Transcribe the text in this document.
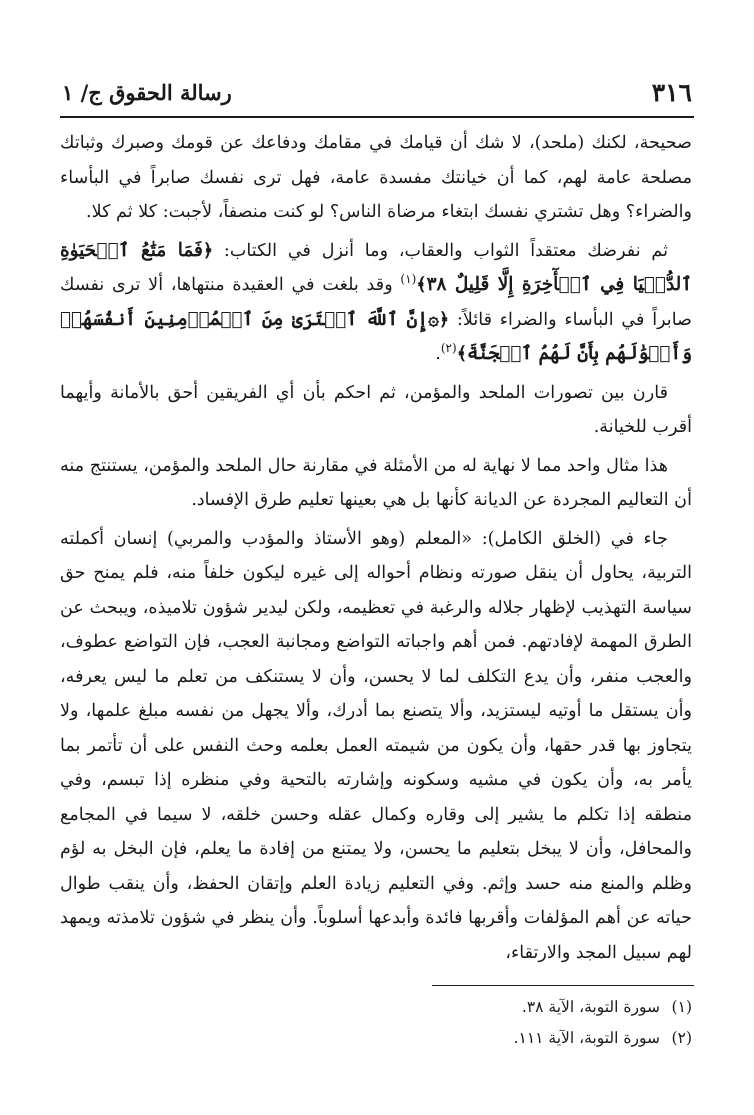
٣١٦
رسالة الحقوق ج/ ١

صحيحة، لكنك (ملحد)، لا شك أن قيامك في مقامك ودفاعك عن قومك وصبرك وثباتك مصلحة عامة لهم، كما أن خيانتك مفسدة عامة، فهل ترى نفسك صابراً في البأساء والضراء؟ وهل تشتري نفسك ابتغاء مرضاة الناس؟ لو كنت منصفاً، لأجبت: كلا ثم كلا.

ثم نفرضك معتقداً الثواب والعقاب، وما أنزل في الكتاب: ﴿فَمَا مَتَٰعُ ٱلۡحَيَوٰةِ ٱلدُّنۡيَا فِي ٱلۡأٓخِرَةِ إِلَّا قَلِيلٌ ٣٨﴾$^{(١)}$ وقد بلغت في العقيدة منتهاها، ألا ترى نفسك صابراً في البأساء والضراء قائلاً: ﴿۞إِنَّ ٱللَّهَ ٱشۡتَرَىٰ مِنَ ٱلۡمُؤۡمِنِينَ أَنفُسَهُمۡ وَأَمۡوَٰلَهُم بِأَنَّ لَهُمُ ٱلۡجَنَّةَ﴾$^{(٢)}$.

قارن بين تصورات الملحد والمؤمن، ثم احكم بأن أي الفريقين أحق بالأمانة وأيهما أقرب للخيانة.

هذا مثال واحد مما لا نهاية له من الأمثلة في مقارنة حال الملحد والمؤمن، يستنتج منه أن التعاليم المجردة عن الديانة كأنها بل هي بعينها تعليم طرق الإفساد.

جاء في (الخلق الكامل): «المعلم (وهو الأستاذ والمؤدب والمربي) إنسان أكملته التربية، يحاول أن ينقل صورته ونظام أحواله إلى غيره ليكون خلفاً منه، فلم يمنح حق سياسة التهذيب لإظهار جلاله والرغبة في تعظيمه، ولكن ليدير شؤون تلاميذه، ويبحث عن الطرق المهمة لإفادتهم. فمن أهم واجباته التواضع ومجانبة العجب، فإن التواضع عطوف، والعجب منفر، وأن يدع التكلف لما لا يحسن، وأن لا يستنكف من تعلم ما ليس يعرفه، وأن يستقل ما أوتيه ليستزيد، وألا يتصنع بما أدرك، وألا يجهل من نفسه مبلغ علمها، ولا يتجاوز بها قدر حقها، وأن يكون من شيمته العمل بعلمه وحث النفس على أن تأتمر بما يأمر به، وأن يكون في مشيه وسكونه وإشارته بالتحية وفي منظره إذا تبسم، وفي منطقه إذا تكلم ما يشير إلى وقاره وكمال عقله وحسن خلقه، لا سيما في المجامع والمحافل، وأن لا يبخل بتعليم ما يحسن، ولا يمتنع من إفادة ما يعلم، فإن البخل به لؤم وظلم والمنع منه حسد وإثم. وفي التعليم زيادة العلم وإتقان الحفظ، وأن ينقب طوال حياته عن أهم المؤلفات وأقربها فائدة وأبدعها أسلوباً. وأن ينظر في شؤون تلامذته ويمهد لهم سبيل المجد والارتقاء،

(١)سورة التوبة، الآية ٣٨.
(٢)سورة التوبة، الآية ١١١.
